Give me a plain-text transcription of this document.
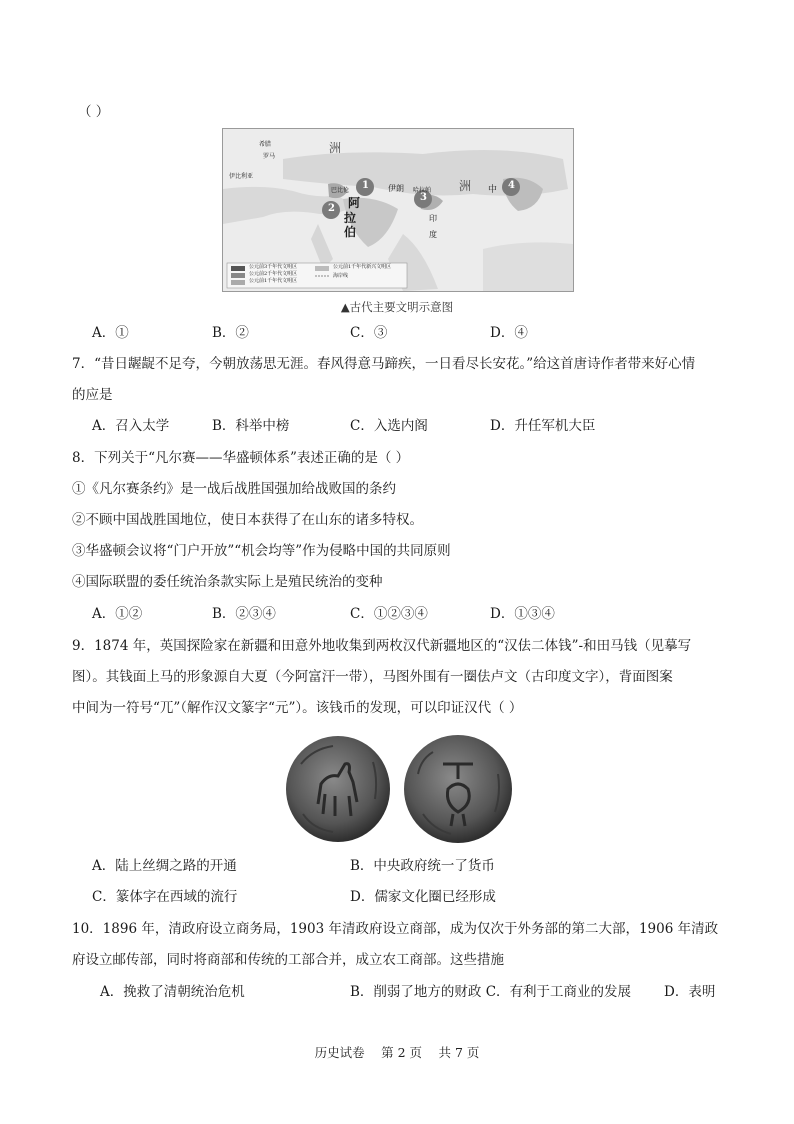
（ ）
洲
洲
阿
拉
伯
伊朗
印
度
中
希腊
罗马
伊比利亚
巴比伦	哈拉帕
1
2
3
4
公元前3千年代文明区
公元前2千年代文明区
公元前1千年代文明区
公元前1千年代新兴文明区
海岸线
▲古代主要文明示意图
A．①	B．②	C．③	D．④
7．“昔日龌龊不足夸，今朝放荡思无涯。春风得意马蹄疾，一日看尽长安花。”给这首唐诗作者带来好心情
的应是
A．召入太学	B．科举中榜	C．入选内阁	D．升任军机大臣
8．下列关于“凡尔赛——华盛顿体系”表述正确的是（ ）
①《凡尔赛条约》是一战后战胜国强加给战败国的条约
②不顾中国战胜国地位，使日本获得了在山东的诸多特权。
③华盛顿会议将“门户开放”“机会均等”作为侵略中国的共同原则
④国际联盟的委任统治条款实际上是殖民统治的变种
A．①②	B．②③④	C．①②③④	D．①③④
9．1874 年，英国探险家在新疆和田意外地收集到两枚汉代新疆地区的“汉佉二体钱”-和田马钱（见摹写
图）。其钱面上马的形象源自大夏（今阿富汗一带），马图外围有一圈佉卢文（古印度文字），背面图案
中间为一符号“兀”（解作汉文篆字“元”）。该钱币的发现，可以印证汉代（ ）
A．陆上丝绸之路的开通	B．中央政府统一了货币
C．篆体字在西域的流行	D．儒家文化圈已经形成
10．1896 年，清政府设立商务局，1903 年清政府设立商部，成为仅次于外务部的第二大部，1906 年清政
府设立邮传部，同时将商部和传统的工部合并，成立农工商部。这些措施
A．挽救了清朝统治危机	B．削弱了地方的财政 C．有利于工商业的发展 D．表明
历史试卷　 第 2 页　 共 7 页
